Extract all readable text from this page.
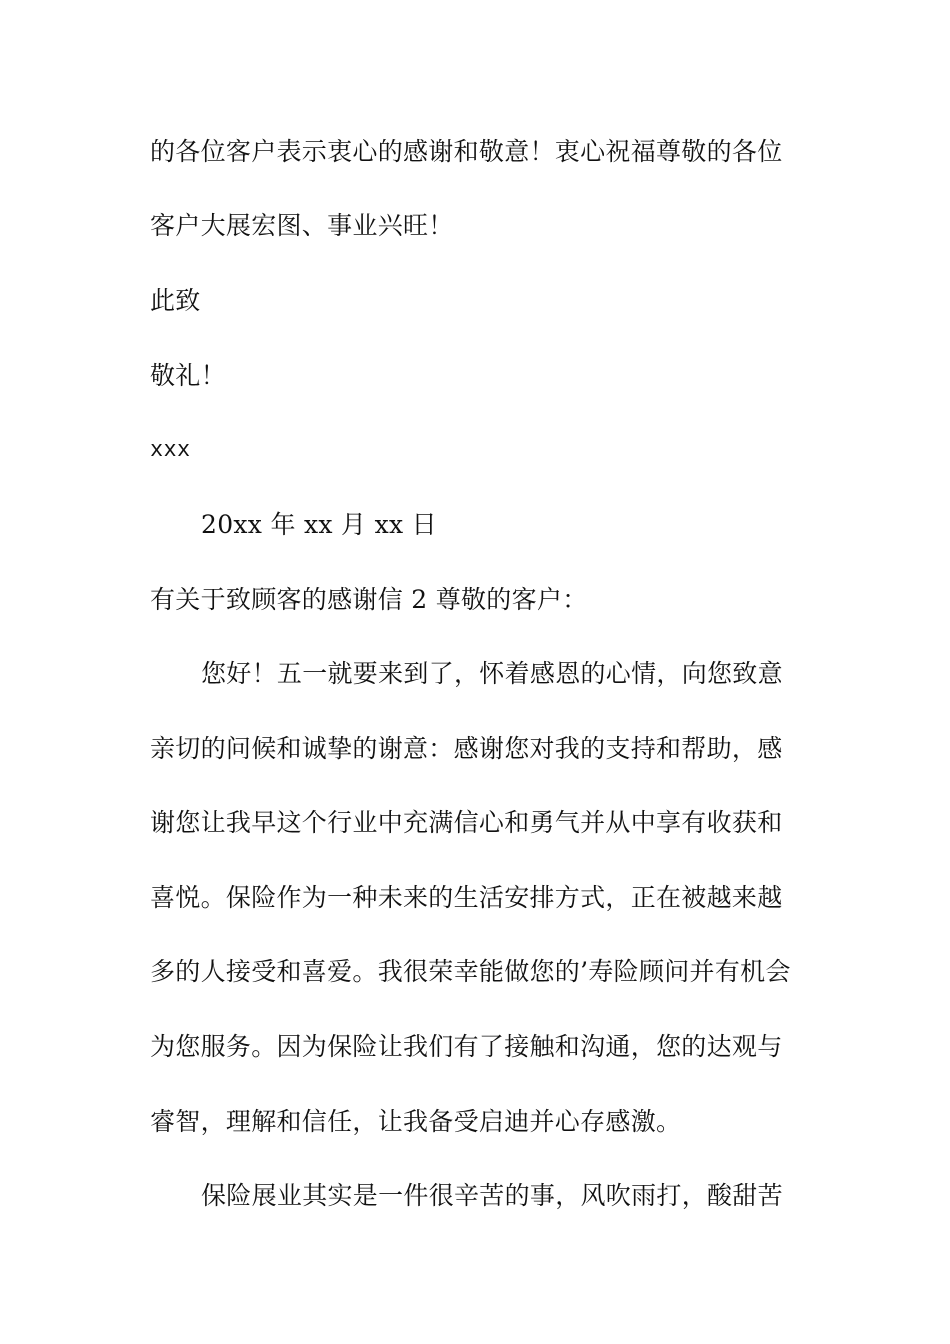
的各位客户表示衷心的感谢和敬意！衷心祝福尊敬的各位
客户大展宏图、事业兴旺！
此致
敬礼！
xxx
20xx 年 xx 月 xx 日
有关于致顾客的感谢信 2 尊敬的客户：
您好！五一就要来到了，怀着感恩的心情，向您致意
亲切的问候和诚挚的谢意：感谢您对我的支持和帮助，感
谢您让我早这个行业中充满信心和勇气并从中享有收获和
喜悦。保险作为一种未来的生活安排方式，正在被越来越
多的人接受和喜爱。我很荣幸能做您的’寿险顾问并有机会
为您服务。因为保险让我们有了接触和沟通，您的达观与
睿智，理解和信任，让我备受启迪并心存感激。
保险展业其实是一件很辛苦的事，风吹雨打，酸甜苦
